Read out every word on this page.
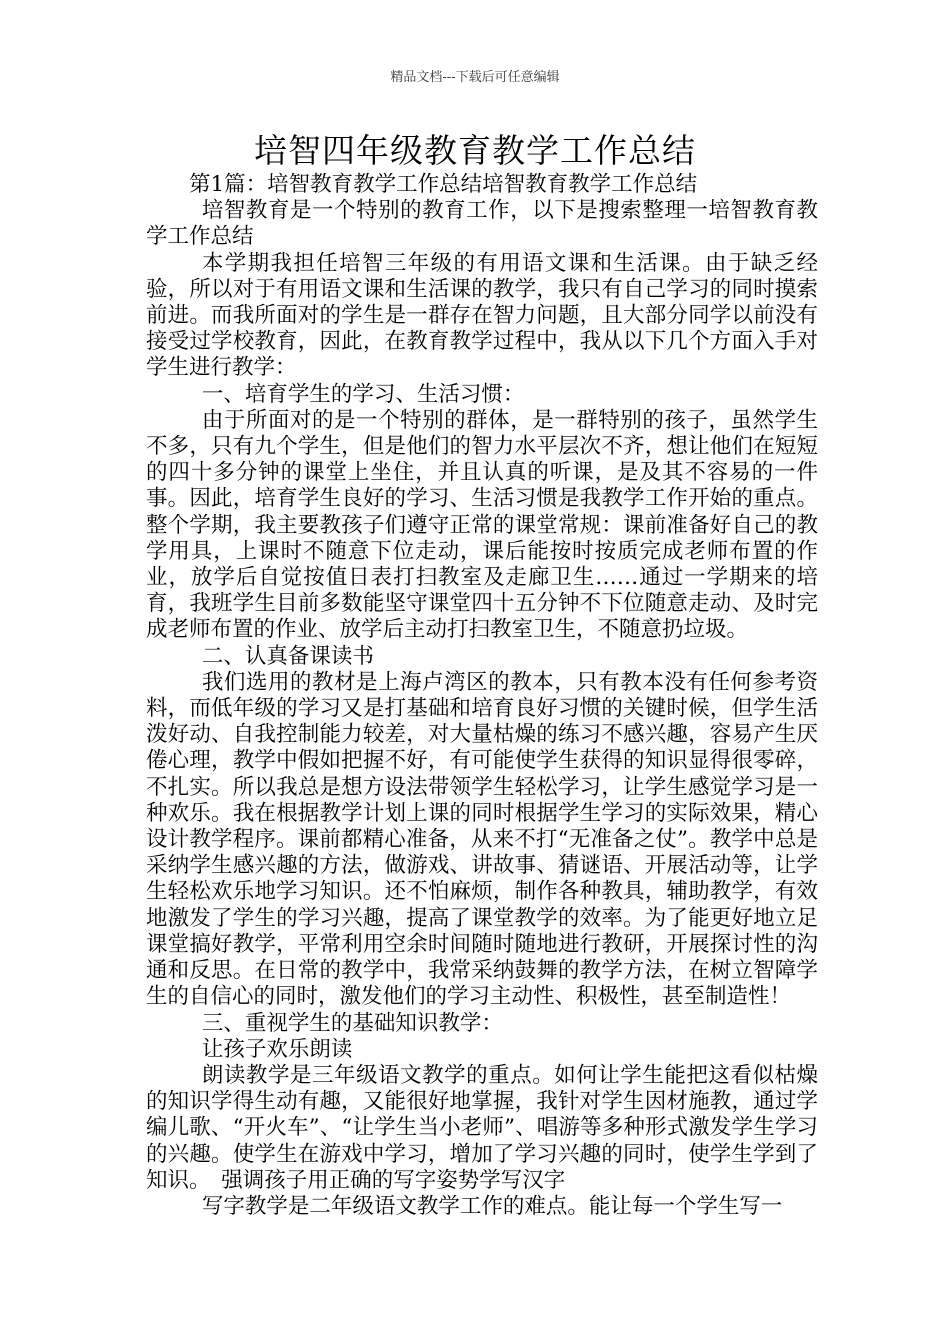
精品文档---下载后可任意编辑
培智四年级教育教学工作总结

第1篇：培智教育教学工作总结培智教育教学工作总结

培智教育是一个特别的教育工作，以下是搜索整理一培智教育教学工作总结

本学期我担任培智三年级的有用语文课和生活课。由于缺乏经验，所以对于有用语文课和生活课的教学，我只有自己学习的同时摸索前进。而我所面对的学生是一群存在智力问题，且大部分同学以前没有接受过学校教育，因此，在教育教学过程中，我从以下几个方面入手对学生进行教学：

一、培育学生的学习、生活习惯：

由于所面对的是一个特别的群体，是一群特别的孩子，虽然学生不多，只有九个学生，但是他们的智力水平层次不齐，想让他们在短短的四十多分钟的课堂上坐住，并且认真的听课，是及其不容易的一件事。因此，培育学生良好的学习、生活习惯是我教学工作开始的重点。整个学期，我主要教孩子们遵守正常的课堂常规：课前准备好自己的教学用具，上课时不随意下位走动，课后能按时按质完成老师布置的作业，放学后自觉按值日表打扫教室及走廊卫生……通过一学期来的培育，我班学生目前多数能坚守课堂四十五分钟不下位随意走动、及时完成老师布置的作业、放学后主动打扫教室卫生，不随意扔垃圾。

二、认真备课读书

我们选用的教材是上海卢湾区的教本，只有教本没有任何参考资料，而低年级的学习又是打基础和培育良好习惯的关键时候，但学生活泼好动、自我控制能力较差，对大量枯燥的练习不感兴趣，容易产生厌倦心理，教学中假如把握不好，有可能使学生获得的知识显得很零碎，不扎实。所以我总是想方设法带领学生轻松学习，让学生感觉学习是一种欢乐。我在根据教学计划上课的同时根据学生学习的实际效果，精心设计教学程序。课前都精心准备，从来不打“无准备之仗”。教学中总是采纳学生感兴趣的方法，做游戏、讲故事、猜谜语、开展活动等，让学生轻松欢乐地学习知识。还不怕麻烦，制作各种教具，辅助教学，有效地激发了学生的学习兴趣，提高了课堂教学的效率。为了能更好地立足课堂搞好教学，平常利用空余时间随时随地进行教研，开展探讨性的沟通和反思。在日常的教学中，我常采纳鼓舞的教学方法，在树立智障学生的自信心的同时，激发他们的学习主动性、积极性，甚至制造性！

三、重视学生的基础知识教学：

让孩子欢乐朗读

朗读教学是三年级语文教学的重点。如何让学生能把这看似枯燥的知识学得生动有趣，又能很好地掌握，我针对学生因材施教，通过学编儿歌、“开火车”、“让学生当小老师”、唱游等多种形式激发学生学习的兴趣。使学生在游戏中学习，增加了学习兴趣的同时，使学生学到了知识。　强调孩子用正确的写字姿势学写汉字

写字教学是二年级语文教学工作的难点。能让每一个学生写一
